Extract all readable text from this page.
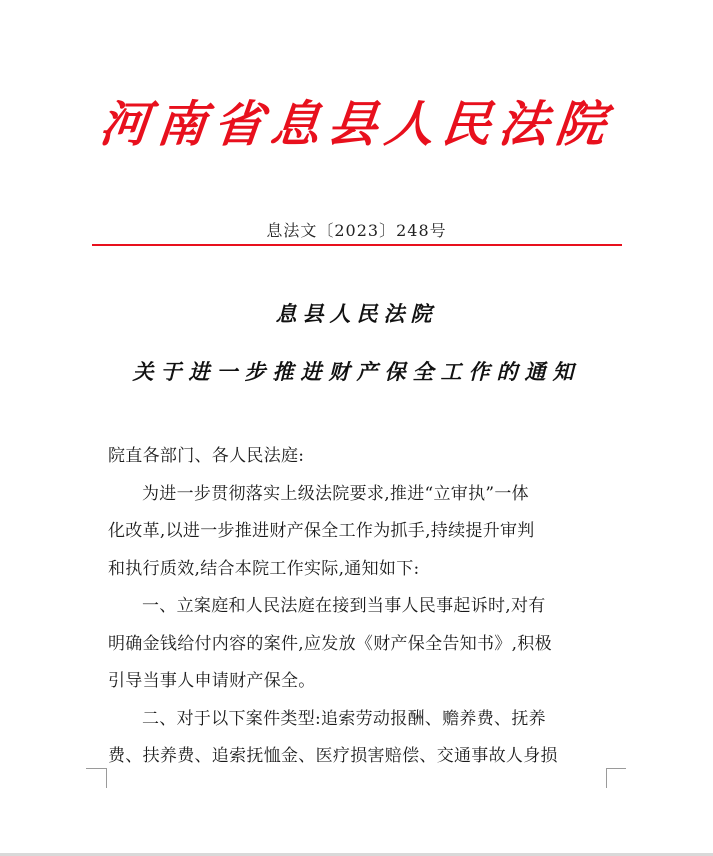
河南省息县人民法院
息法文〔2023〕248号
息县人民法院
关于进一步推进财产保全工作的通知

院直各部门、各人民法庭:

为进一步贯彻落实上级法院要求,推进“立审执”一体

化改革,以进一步推进财产保全工作为抓手,持续提升审判

和执行质效,结合本院工作实际,通知如下:

一、立案庭和人民法庭在接到当事人民事起诉时,对有

明确金钱给付内容的案件,应发放《财产保全告知书》,积极

引导当事人申请财产保全。

二、对于以下案件类型:追索劳动报酬、赡养费、抚养

费、扶养费、追索抚恤金、医疗损害赔偿、交通事故人身损
